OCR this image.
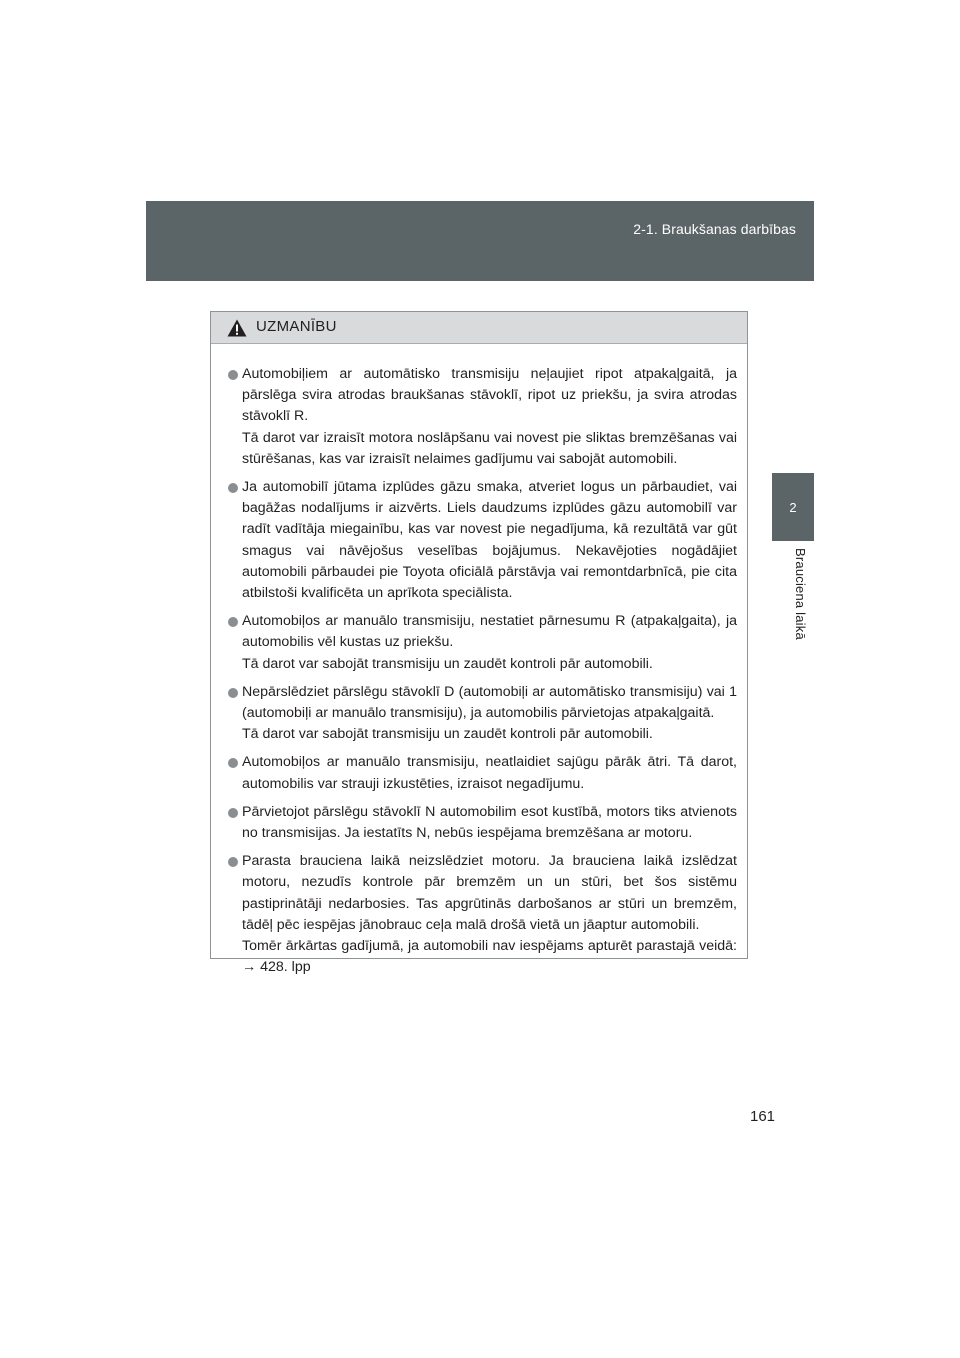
2-1. Braukšanas darbības
2
Brauciena laikā
UZMANĪBU

Automobiļiem ar automātisko transmisiju neļaujiet ripot atpakaļgaitā, ja pārslēga svira atrodas braukšanas stāvoklī, ripot uz priekšu, ja svira atrodas stāvoklī R.

Tā darot var izraisīt motora noslāpšanu vai novest pie sliktas bremzēšanas vai stūrēšanas, kas var izraisīt nelaimes gadījumu vai sabojāt automobili.

Ja automobilī jūtama izplūdes gāzu smaka, atveriet logus un pārbaudiet, vai bagāžas nodalījums ir aizvērts. Liels daudzums izplūdes gāzu automobilī var radīt vadītāja miegainību, kas var novest pie negadījuma, kā rezultātā var gūt smagus vai nāvējošus veselības bojājumus. Nekavējoties nogādājiet automobili pārbaudei pie Toyota oficiālā pārstāvja vai remontdarbnīcā, pie cita atbilstoši kvalificēta un aprīkota speciālista.

Automobiļos ar manuālo transmisiju, nestatiet pārnesumu R (atpakaļgaita), ja automobilis vēl kustas uz priekšu.

Tā darot var sabojāt transmisiju un zaudēt kontroli pār automobili.

Nepārslēdziet pārslēgu stāvoklī D (automobiļi ar automātisko transmisiju) vai 1 (automobiļi ar manuālo transmisiju), ja automobilis pārvietojas atpakaļgaitā.

Tā darot var sabojāt transmisiju un zaudēt kontroli pār automobili.

Automobiļos ar manuālo transmisiju, neatlaidiet sajūgu pārāk ātri. Tā darot, automobilis var strauji izkustēties, izraisot negadījumu.

Pārvietojot pārslēgu stāvoklī N automobilim esot kustībā, motors tiks atvienots no transmisijas. Ja iestatīts N, nebūs iespējama bremzēšana ar motoru.

Parasta brauciena laikā neizslēdziet motoru. Ja brauciena laikā izslēdzat motoru, nezudīs kontrole pār bremzēm un un stūri, bet šos sistēmu pastiprinātāji nedarbosies. Tas apgrūtinās darbošanos ar stūri un bremzēm, tādēļ pēc iespējas jānobrauc ceļa malā drošā vietā un jāaptur automobili.

Tomēr ārkārtas gadījumā, ja automobili nav iespējams apturēt parastajā veidā: → 428. lpp

161
